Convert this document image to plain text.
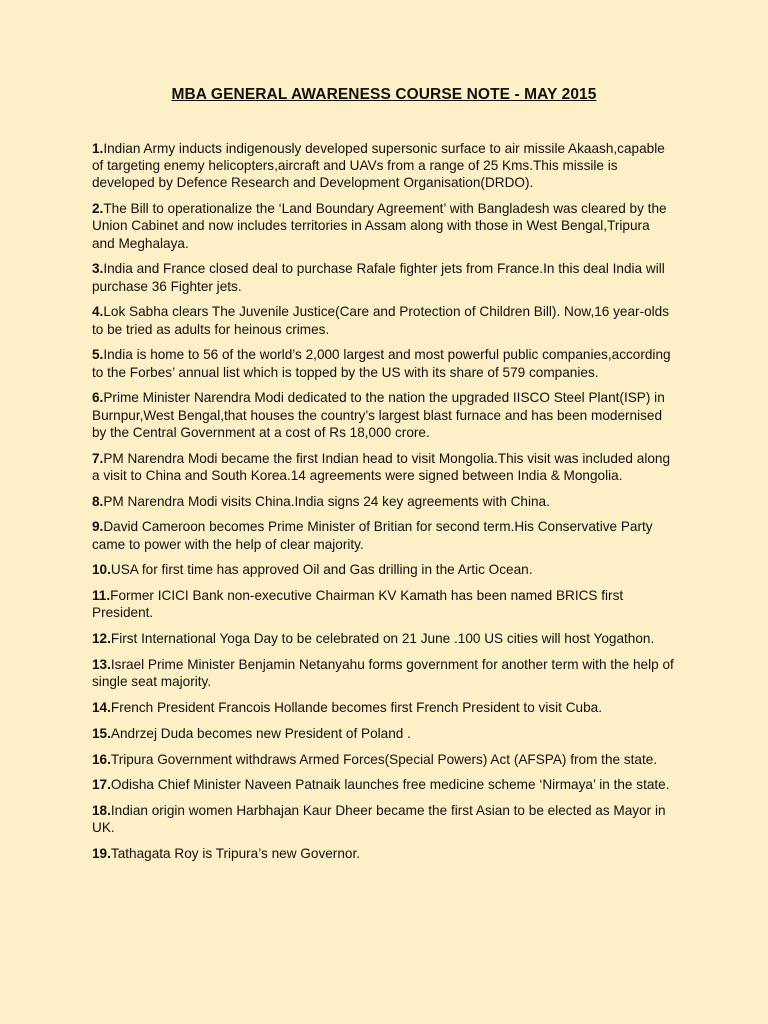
MBA GENERAL AWARENESS COURSE NOTE - MAY 2015
1.Indian Army inducts indigenously developed supersonic surface to air missile Akaash,capable of targeting enemy helicopters,aircraft and UAVs from a range of 25 Kms.This missile is developed by Defence Research and Development Organisation(DRDO).
2.The Bill to operationalize the ‘Land Boundary Agreement’ with Bangladesh was cleared by the Union Cabinet and now includes territories in Assam along with those in West Bengal,Tripura and Meghalaya.
3.India and France closed deal to purchase Rafale fighter jets from France.In this deal India will purchase 36 Fighter jets.
4.Lok Sabha clears The Juvenile Justice(Care and Protection of Children Bill). Now,16 year-olds to be tried as adults for heinous crimes.
5.India is home to 56 of the world’s 2,000 largest and most powerful public companies,according to the Forbes’ annual list which is topped by the US with its share of 579 companies.
6.Prime Minister Narendra Modi dedicated to the nation the upgraded IISCO Steel Plant(ISP) in Burnpur,West Bengal,that houses the country’s largest blast furnace and has been modernised by the Central Government at a cost of Rs 18,000 crore.
7.PM Narendra Modi became the first Indian head to visit Mongolia.This visit was included along a visit to China and South Korea.14 agreements were signed between India & Mongolia.
8.PM Narendra Modi visits China.India signs 24 key agreements with China.
9.David Cameroon becomes Prime Minister of Britian for second term.His Conservative Party came to power with the help of clear majority.
10.USA for first time has approved Oil and Gas drilling in the Artic Ocean.
11.Former ICICI Bank non-executive Chairman KV Kamath has been named BRICS first President.
12.First International Yoga Day to be celebrated on 21 June .100 US cities will host Yogathon.
13.Israel Prime Minister Benjamin Netanyahu forms government for another term with the help of single seat majority.
14.French President Francois Hollande becomes first French President to visit Cuba.
15.Andrzej Duda becomes new President of Poland .
16.Tripura Government withdraws Armed Forces(Special Powers) Act (AFSPA) from the state.
17.Odisha Chief Minister Naveen Patnaik launches free medicine scheme ‘Nirmaya’ in the state.
18.Indian origin women Harbhajan Kaur Dheer became the first Asian to be elected as Mayor in UK.
19.Tathagata Roy is Tripura’s new Governor.
